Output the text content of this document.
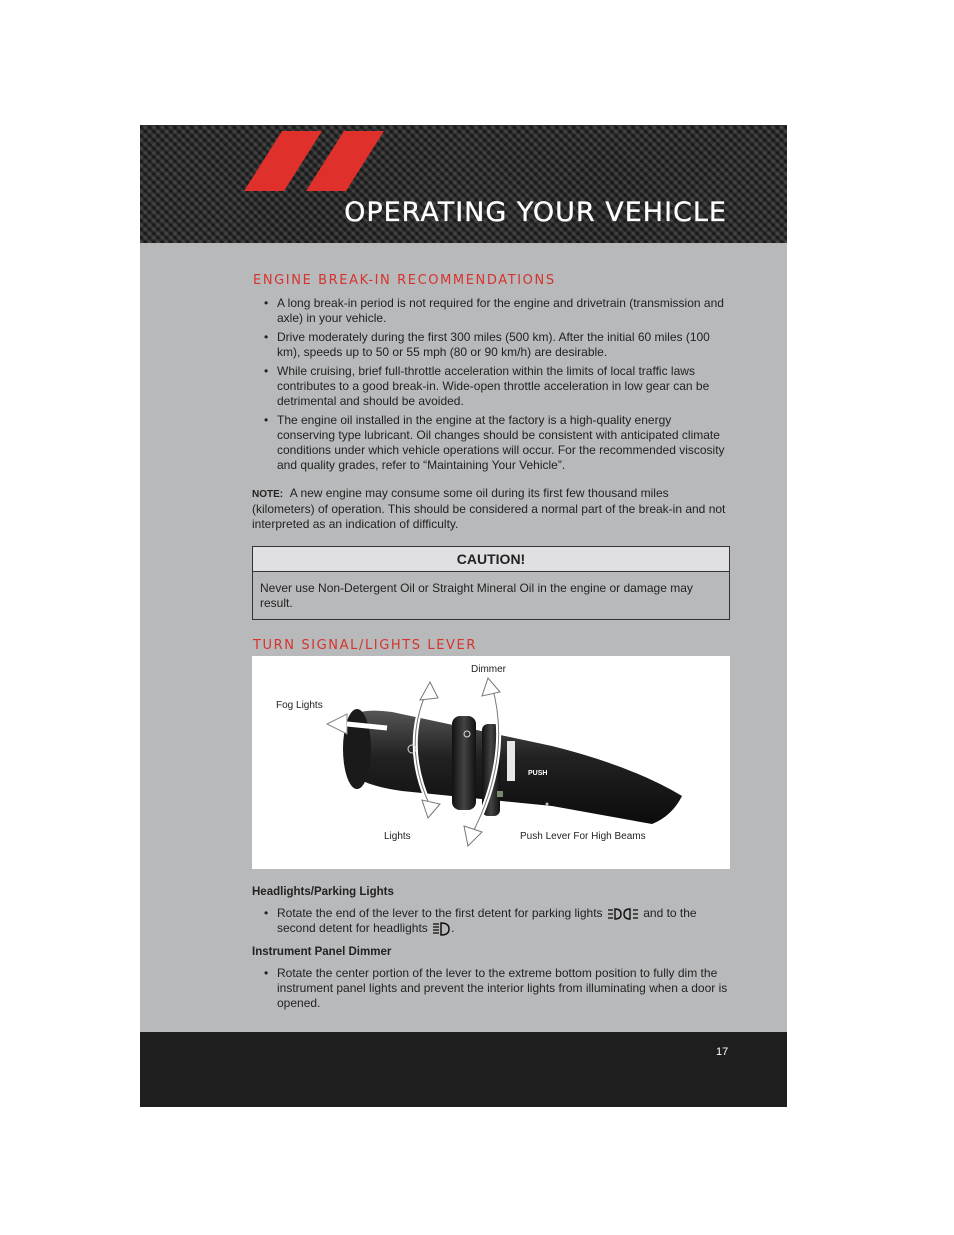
OPERATING YOUR VEHICLE
ENGINE BREAK-IN RECOMMENDATIONS
• A long break-in period is not required for the engine and drivetrain (transmission and axle) in your vehicle.
• Drive moderately during the first 300 miles (500 km). After the initial 60 miles (100 km), speeds up to 50 or 55 mph (80 or 90 km/h) are desirable.
• While cruising, brief full-throttle acceleration within the limits of local traffic laws contributes to a good break-in. Wide-open throttle acceleration in low gear can be detrimental and should be avoided.
• The engine oil installed in the engine at the factory is a high-quality energy conserving type lubricant. Oil changes should be consistent with anticipated climate conditions under which vehicle operations will occur. For the recommended viscosity and quality grades, refer to “Maintaining Your Vehicle”.
NOTE: A new engine may consume some oil during its first few thousand miles (kilometers) of operation. This should be considered a normal part of the break-in and not interpreted as an indication of difficulty.
CAUTION!
Never use Non-Detergent Oil or Straight Mineral Oil in the engine or damage may result.
TURN SIGNAL/LIGHTS LEVER
PUSH
Dimmer
Fog Lights
Lights	Push Lever For High Beams
Headlights/Parking Lights
• Rotate the end of the lever to the first detent for parking lights	and to the second detent for headlights .
Instrument Panel Dimmer
• Rotate the center portion of the lever to the extreme bottom position to fully dim the instrument panel lights and prevent the interior lights from illuminating when a door is opened.
17
